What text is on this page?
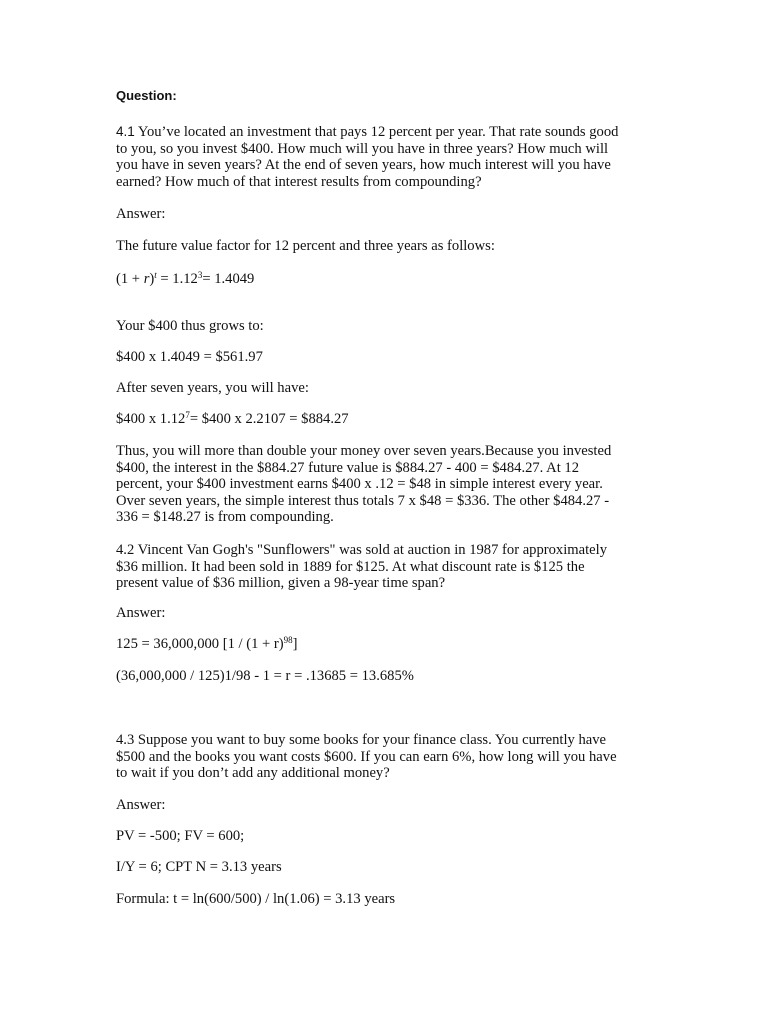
Question:
4.1 You’ve located an investment that pays 12 percent per year. That rate sounds good
to you, so you invest $400. How much will you have in three years? How much will
you have in seven years? At the end of seven years, how much interest will you have
earned? How much of that interest results from compounding?
Answer:
The future value factor for 12 percent and three years as follows:
$(1 + r)^t = 1.12^3= 1.4049$
Your $400 thus grows to:
$400 x 1.4049 = $561.97
After seven years, you will have:
$400 x $1.12^7=$ $400 x 2.2107 = $884.27
Thus, you will more than double your money over seven years.Because you invested
$400, the interest in the $884.27 future value is $884.27 - 400 = $484.27. At 12
percent, your $400 investment earns $400 x .12 = $48 in simple interest every year.
Over seven years, the simple interest thus totals 7 x $48 = $336. The other $484.27 -
336 = $148.27 is from compounding.
4.2 Vincent Van Gogh's "Sunflowers" was sold at auction in 1987 for approximately
$36 million. It had been sold in 1889 for $125. At what discount rate is $125 the
present value of $36 million, given a 98-year time span?
Answer:
125 = 36,000,000 $[1 / (1 + r)^{98}]$
(36,000,000 / 125)1/98 - 1 = r = .13685 = 13.685%
4.3 Suppose you want to buy some books for your finance class. You currently have
$500 and the books you want costs $600. If you can earn 6%, how long will you have
to wait if you don’t add any additional money?
Answer:
PV = -500; FV = 600;
I/Y = 6; CPT N = 3.13 years
Formula: t = ln(600/500) / ln(1.06) = 3.13 years
